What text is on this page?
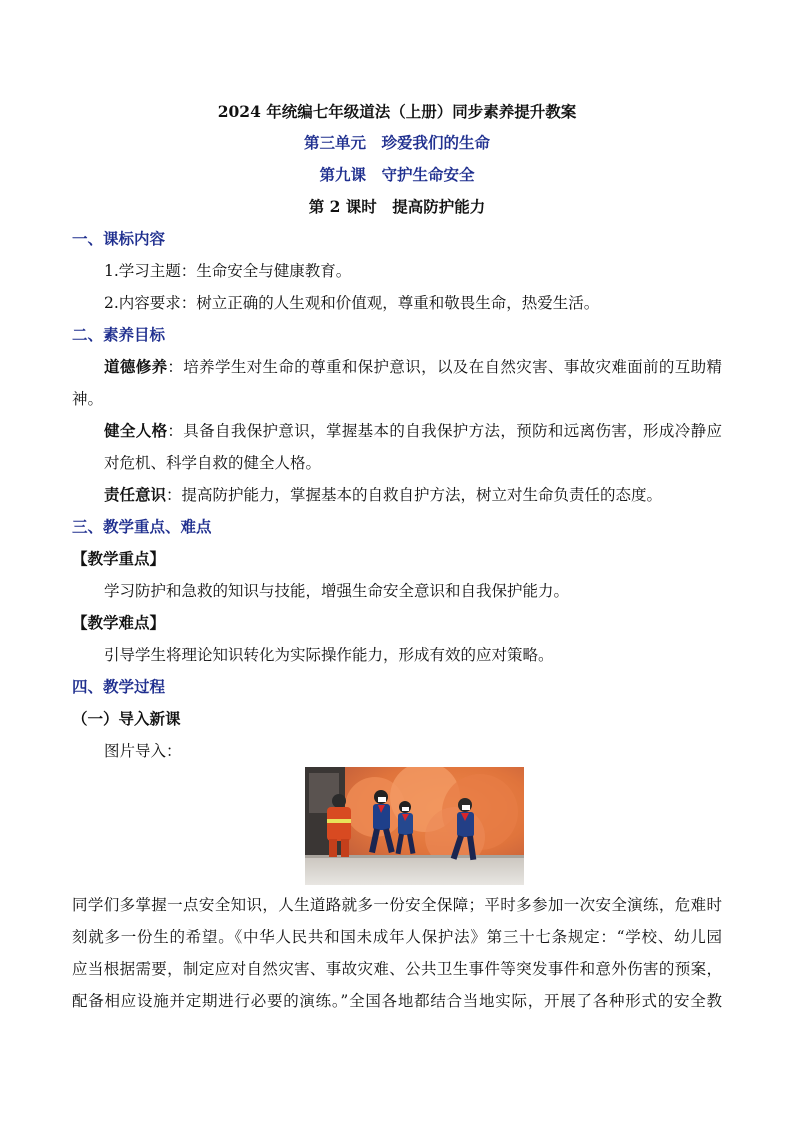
2024 年统编七年级道法（上册）同步素养提升教案
第三单元　珍爱我们的生命
第九课　守护生命安全
第 2 课时　提高防护能力
一、课标内容
1.学习主题：生命安全与健康教育。
2.内容要求：树立正确的人生观和价值观，尊重和敬畏生命，热爱生活。
二、素养目标
道德修养：培养学生对生命的尊重和保护意识，以及在自然灾害、事故灾难面前的互助精
神。
健全人格：具备自我保护意识，掌握基本的自我保护方法，预防和远离伤害，形成冷静应
对危机、科学自救的健全人格。
责任意识：提高防护能力，掌握基本的自救自护方法，树立对生命负责任的态度。
三、教学重点、难点
【教学重点】
学习防护和急救的知识与技能，增强生命安全意识和自我保护能力。
【教学难点】
引导学生将理论知识转化为实际操作能力，形成有效的应对策略。
四、教学过程
（一）导入新课
图片导入：
同学们多掌握一点安全知识，人生道路就多一份安全保障；平时多参加一次安全演练，危难时
刻就多一份生的希望。《中华人民共和国未成年人保护法》第三十七条规定：“学校、幼儿园
应当根据需要，制定应对自然灾害、事故灾难、公共卫生事件等突发事件和意外伤害的预案，
配备相应设施并定期进行必要的演练。”全国各地都结合当地实际，开展了各种形式的安全教
